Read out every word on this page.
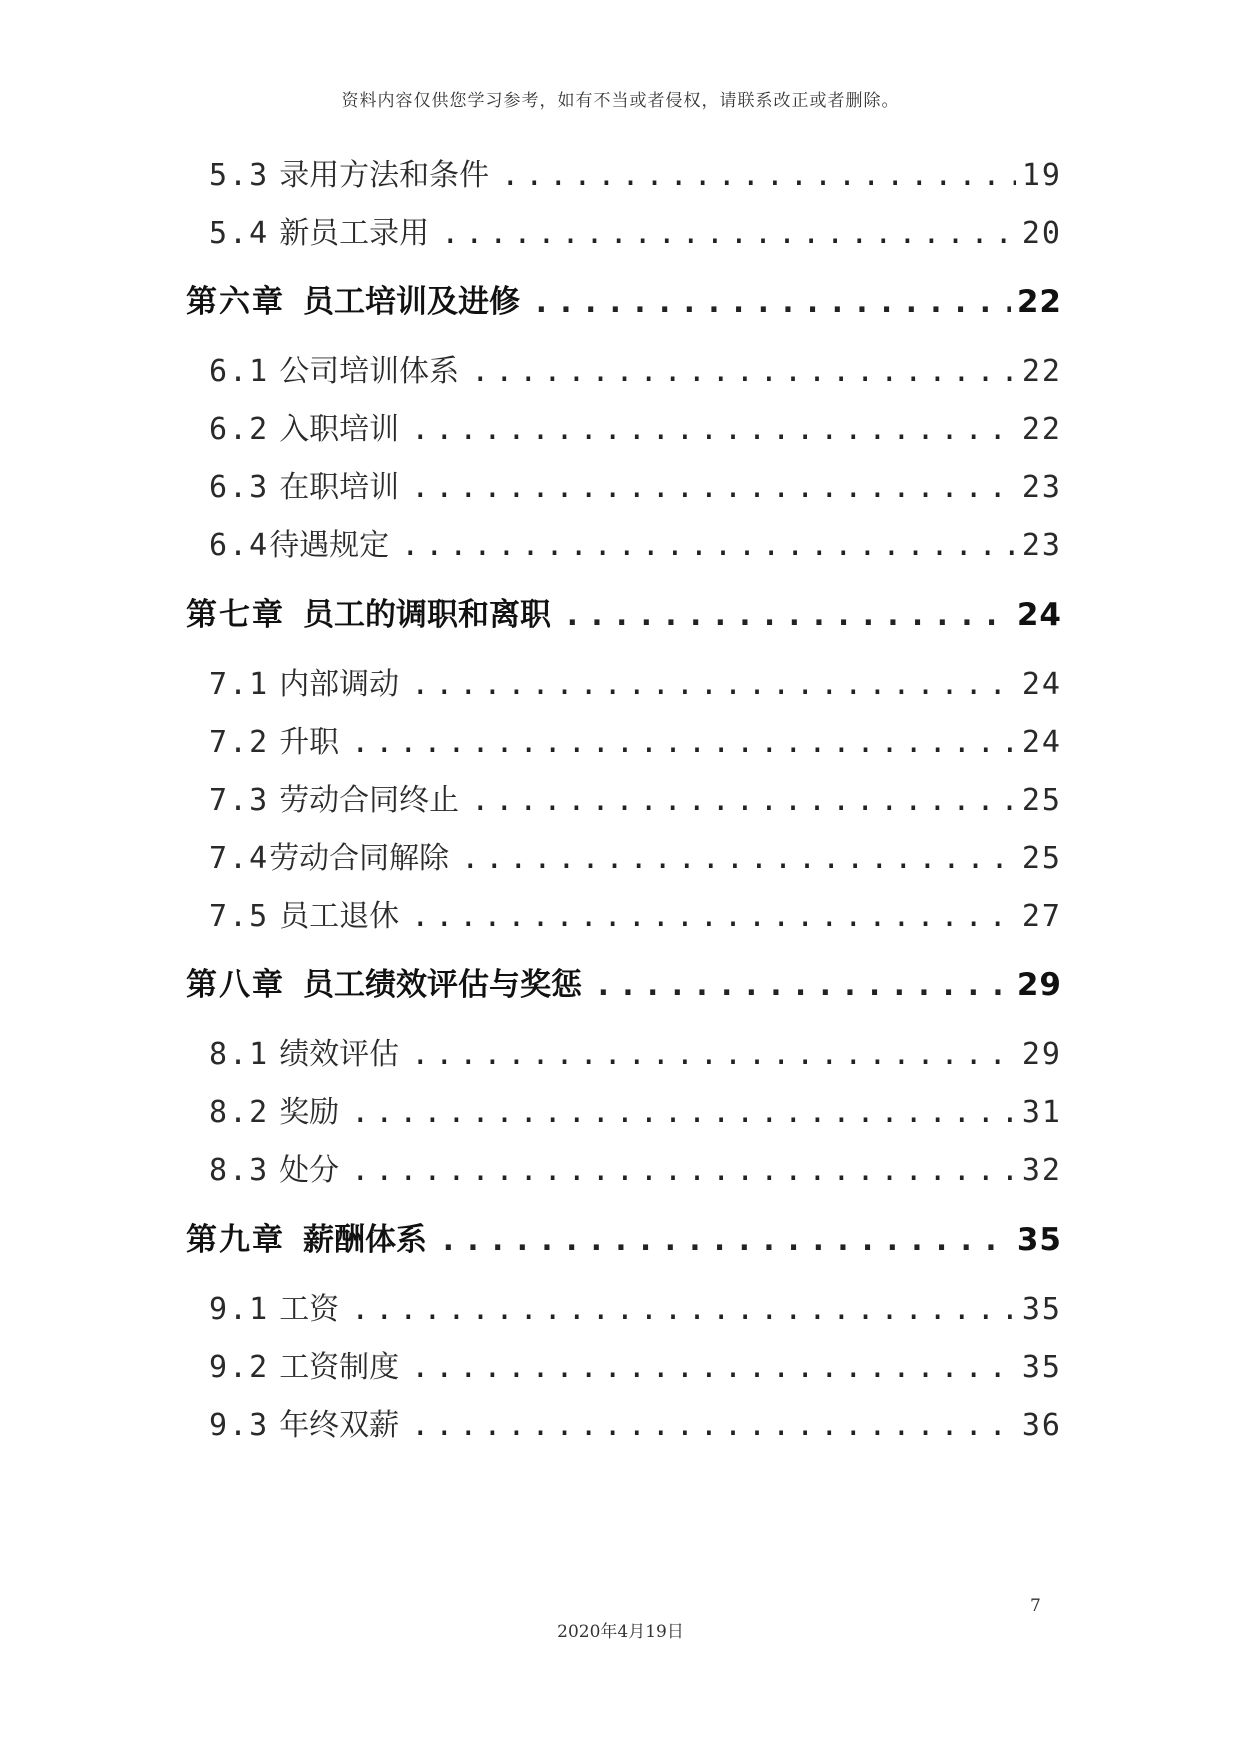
资料内容仅供您学习参考，如有不当或者侵权，请联系改正或者删除。
5.3 录用方法和条件 .....	19
5.4 新员工录用 .....	20
第六章 员工培训及进修 .....	22
6.1 公司培训体系 .....	22
6.2 入职培训 .....	22
6.3 在职培训 .....	23
6.4 待遇规定 .....	23
第七章 员工的调职和离职 .....	24
7.1 内部调动 .....	24
7.2 升职 .....	24
7.3 劳动合同终止 .....	25
7.4 劳动合同解除 .....	25
7.5 员工退休 .....	27
第八章 员工绩效评估与奖惩 .....	29
8.1 绩效评估 .....	29
8.2 奖励 .....	31
8.3 处分 .....	32
第九章 薪酬体系 .....	35
9.1 工资 .....	35
9.2 工资制度 .....	35
9.3 年终双薪 .....	36
7
2020年4月19日
